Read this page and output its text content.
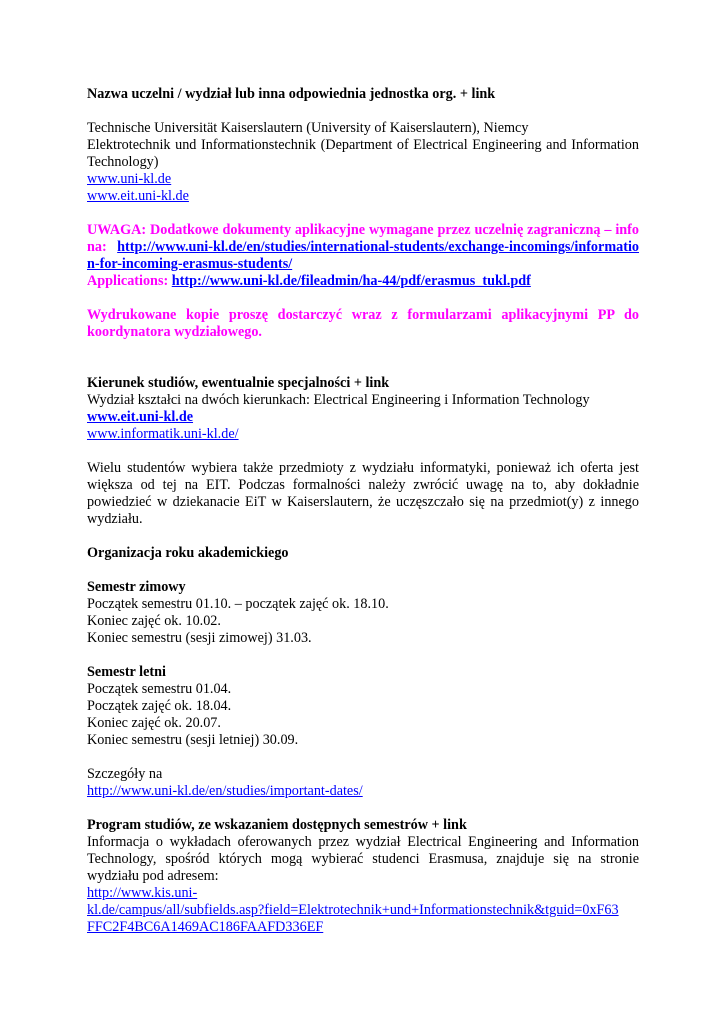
Nazwa uczelni / wydział lub inna odpowiednia jednostka org. + link

Technische Universität Kaiserslautern (University of Kaiserslautern), Niemcy

Elektrotechnik und Informationstechnik (Department of Electrical Engineering and Information Technology)

www.uni-kl.de

www.eit.uni-kl.de

UWAGA: Dodatkowe dokumenty aplikacyjne wymagane przez uczelnię zagraniczną – info na: http://www.uni-kl.de/en/studies/international-students/exchange-incomings/information-for-incoming-erasmus-students/

Applications: http://www.uni-kl.de/fileadmin/ha-44/pdf/erasmus_tukl.pdf

Wydrukowane kopie proszę dostarczyć wraz z formularzami aplikacyjnymi PP do koordynatora wydziałowego.

Kierunek studiów, ewentualnie specjalności + link

Wydział kształci na dwóch kierunkach: Electrical Engineering i Information Technology

www.eit.uni-kl.de

www.informatik.uni-kl.de/

Wielu studentów wybiera także przedmioty z wydziału informatyki, ponieważ ich oferta jest większa od tej na EIT. Podczas formalności należy zwrócić uwagę na to, aby dokładnie powiedzieć w dziekanacie EiT w Kaiserslautern, że uczęszczało się na przedmiot(y) z innego wydziału.

Organizacja roku akademickiego

Semestr zimowy

Początek semestru 01.10. – początek zajęć ok. 18.10.

Koniec zajęć ok. 10.02.

Koniec semestru (sesji zimowej) 31.03.

Semestr letni

Początek semestru 01.04.

Początek zajęć ok. 18.04.

Koniec zajęć ok. 20.07.

Koniec semestru (sesji letniej) 30.09.

Szczegóły na

http://www.uni-kl.de/en/studies/important-dates/

Program studiów, ze wskazaniem dostępnych semestrów + link

Informacja o wykładach oferowanych przez wydział Electrical Engineering and Information Technology, spośród których mogą wybierać studenci Erasmusa, znajduje się na stronie wydziału pod adresem:

http://www.kis.uni-
kl.de/campus/all/subfields.asp?field=Elektrotechnik+und+Informationstechnik&tguid=0xF63
FFC2F4BC6A1469AC186FAAFD336EF
